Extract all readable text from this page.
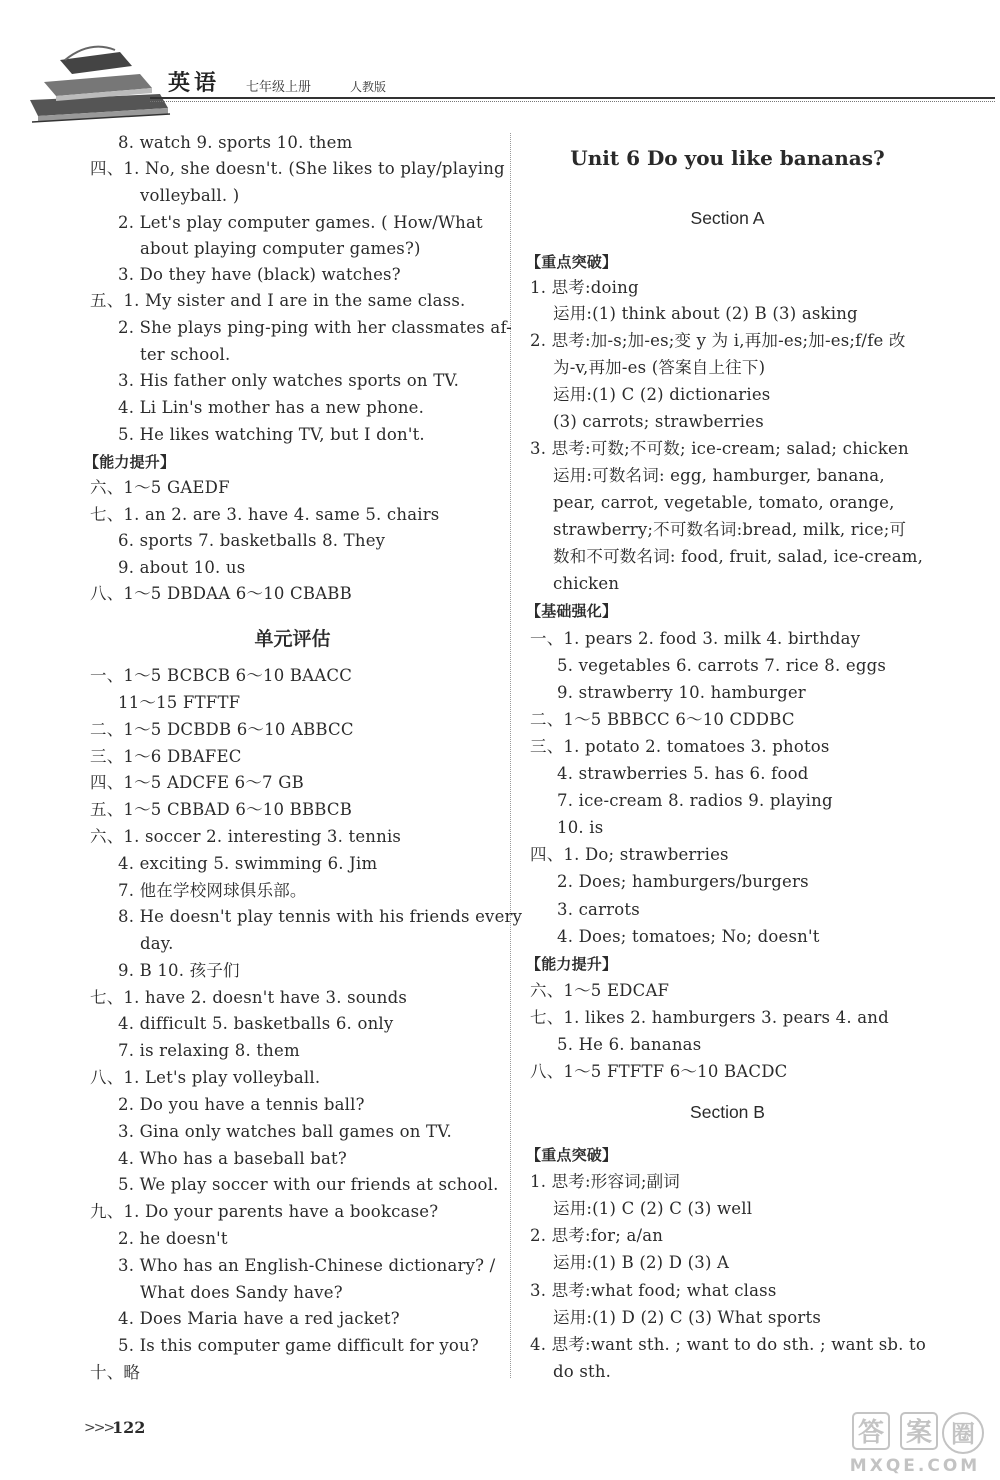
英语 七年级上册	人教版
8. watch 9. sports 10. them
四、1. No, she doesn't. (She likes to play/playing
volleyball. )
2. Let's play computer games. ( How/What
about playing computer games?)
3. Do they have (black) watches?
五、1. My sister and I are in the same class.
2. She plays ping-ping with her classmates af-
ter school.
3. His father only watches sports on TV.
4. Li Lin's mother has a new phone.
5. He likes watching TV, but I don't.
【能力提升】
六、1～5 GAEDF
七、1. an 2. are 3. have 4. same 5. chairs
6. sports 7. basketballs 8. They
9. about 10. us
八、1～5 DBDAA 6～10 CBABB
单元评估
一、1～5 BCBCB 6～10 BAACC
11～15 FTFTF
二、1～5 DCBDB 6～10 ABBCC
三、1～6 DBAFEC
四、1～5 ADCFE 6～7 GB
五、1～5 CBBAD 6～10 BBBCB
六、1. soccer 2. interesting 3. tennis
4. exciting 5. swimming 6. Jim
7. 他在学校网球俱乐部。
8. He doesn't play tennis with his friends every
day.
9. B 10. 孩子们
七、1. have 2. doesn't have 3. sounds
4. difficult 5. basketballs 6. only
7. is relaxing 8. them
八、1. Let's play volleyball.
2. Do you have a tennis ball?
3. Gina only watches ball games on TV.
4. Who has a baseball bat?
5. We play soccer with our friends at school.
九、1. Do your parents have a bookcase?
2. he doesn't
3. Who has an English-Chinese dictionary? /
What does Sandy have?
4. Does Maria have a red jacket?
5. Is this computer game difficult for you?
十、略
Unit 6 Do you like bananas?
Section A
【重点突破】
1. 思考:doing
运用:(1) think about (2) B (3) asking
2. 思考:加-s;加-es;变 y 为 i,再加-es;加-es;f/fe 改
为-v,再加-es (答案自上往下)
运用:(1) C (2) dictionaries
(3) carrots; strawberries
3. 思考:可数;不可数; ice-cream; salad; chicken
运用:可数名词: egg, hamburger, banana,
pear, carrot, vegetable, tomato, orange,
strawberry;不可数名词:bread, milk, rice;可
数和不可数名词: food, fruit, salad, ice-cream,
chicken
【基础强化】
一、1. pears 2. food 3. milk 4. birthday
5. vegetables 6. carrots 7. rice 8. eggs
9. strawberry 10. hamburger
二、1～5 BBBCC 6～10 CDDBC
三、1. potato 2. tomatoes 3. photos
4. strawberries 5. has 6. food
7. ice-cream 8. radios 9. playing
10. is
四、1. Do; strawberries
2. Does; hamburgers/burgers
3. carrots
4. Does; tomatoes; No; doesn't
【能力提升】
六、1～5 EDCAF
七、1. likes 2. hamburgers 3. pears 4. and
5. He 6. bananas
八、1～5 FTFTF 6～10 BACDC
Section B
【重点突破】
1. 思考:形容词;副词
运用:(1) C (2) C (3) well
2. 思考:for; a/an
运用:(1) B (2) D (3) A
3. 思考:what food; what class
运用:(1) D (2) C (3) What sports
4. 思考:want sth. ; want to do sth. ; want sb. to
do sth.
>>>
122	答 案 圈
MXQE.COM
